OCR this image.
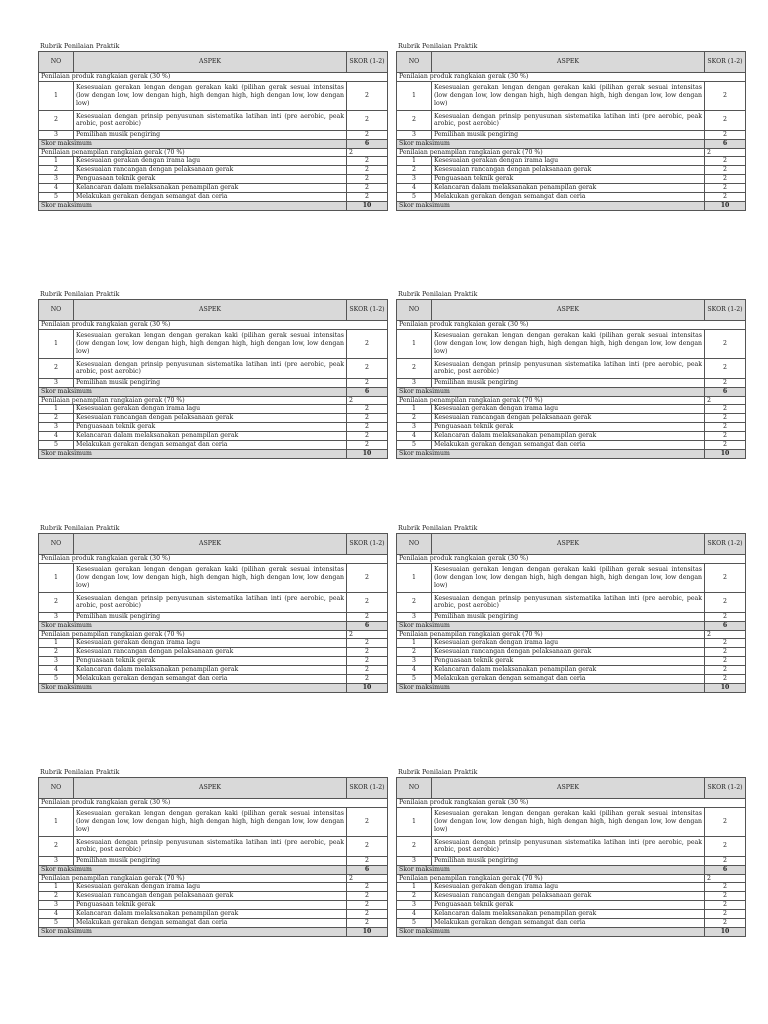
Rubrik Penilaian Praktik
NO	ASPEK	SKOR (1-2)
Penilaian produk rangkaian gerak (30 %)		
1	Kesesuaian gerakan lengan dengan gerakan kaki (pilihan gerak sesuai intensitas (low dengan low, low dengan high, high dengan high, high dengan low, low dengan low)	2
2	Kesesuaian dengan prinsip penyusunan sistematika latihan inti (pre aerobic, peak arobic, post aerobic)	2
3	Pemilihan musik pengiring	2
Skor maksimum		6
Penilaian penampilan rangkaian gerak (70 %)		2
1	Kesesuaian gerakan dengan irama lagu	2
2	Kesesuaian rancangan dengan pelaksanaan gerak	2
3	Penguasaan teknik gerak	2
4	Kelancaran dalam melaksanakan penampilan gerak	2
5	Melakukan gerakan dengan semangat dan ceria	2
Skor maksimum		10
Rubrik Penilaian Praktik
NO	ASPEK	SKOR (1-2)
Penilaian produk rangkaian gerak (30 %)		
1	Kesesuaian gerakan lengan dengan gerakan kaki (pilihan gerak sesuai intensitas (low dengan low, low dengan high, high dengan high, high dengan low, low dengan low)	2
2	Kesesuaian dengan prinsip penyusunan sistematika latihan inti (pre aerobic, peak arobic, post aerobic)	2
3	Pemilihan musik pengiring	2
Skor maksimum		6
Penilaian penampilan rangkaian gerak (70 %)		2
1	Kesesuaian gerakan dengan irama lagu	2
2	Kesesuaian rancangan dengan pelaksanaan gerak	2
3	Penguasaan teknik gerak	2
4	Kelancaran dalam melaksanakan penampilan gerak	2
5	Melakukan gerakan dengan semangat dan ceria	2
Skor maksimum		10
Rubrik Penilaian Praktik
NO	ASPEK	SKOR (1-2)
Penilaian produk rangkaian gerak (30 %)		
1	Kesesuaian gerakan lengan dengan gerakan kaki (pilihan gerak sesuai intensitas (low dengan low, low dengan high, high dengan high, high dengan low, low dengan low)	2
2	Kesesuaian dengan prinsip penyusunan sistematika latihan inti (pre aerobic, peak arobic, post aerobic)	2
3	Pemilihan musik pengiring	2
Skor maksimum		6
Penilaian penampilan rangkaian gerak (70 %)		2
1	Kesesuaian gerakan dengan irama lagu	2
2	Kesesuaian rancangan dengan pelaksanaan gerak	2
3	Penguasaan teknik gerak	2
4	Kelancaran dalam melaksanakan penampilan gerak	2
5	Melakukan gerakan dengan semangat dan ceria	2
Skor maksimum		10
Rubrik Penilaian Praktik
NO	ASPEK	SKOR (1-2)
Penilaian produk rangkaian gerak (30 %)		
1	Kesesuaian gerakan lengan dengan gerakan kaki (pilihan gerak sesuai intensitas (low dengan low, low dengan high, high dengan high, high dengan low, low dengan low)	2
2	Kesesuaian dengan prinsip penyusunan sistematika latihan inti (pre aerobic, peak arobic, post aerobic)	2
3	Pemilihan musik pengiring	2
Skor maksimum		6
Penilaian penampilan rangkaian gerak (70 %)		2
1	Kesesuaian gerakan dengan irama lagu	2
2	Kesesuaian rancangan dengan pelaksanaan gerak	2
3	Penguasaan teknik gerak	2
4	Kelancaran dalam melaksanakan penampilan gerak	2
5	Melakukan gerakan dengan semangat dan ceria	2
Skor maksimum		10
Rubrik Penilaian Praktik
NO	ASPEK	SKOR (1-2)
Penilaian produk rangkaian gerak (30 %)		
1	Kesesuaian gerakan lengan dengan gerakan kaki (pilihan gerak sesuai intensitas (low dengan low, low dengan high, high dengan high, high dengan low, low dengan low)	2
2	Kesesuaian dengan prinsip penyusunan sistematika latihan inti (pre aerobic, peak arobic, post aerobic)	2
3	Pemilihan musik pengiring	2
Skor maksimum		6
Penilaian penampilan rangkaian gerak (70 %)		2
1	Kesesuaian gerakan dengan irama lagu	2
2	Kesesuaian rancangan dengan pelaksanaan gerak	2
3	Penguasaan teknik gerak	2
4	Kelancaran dalam melaksanakan penampilan gerak	2
5	Melakukan gerakan dengan semangat dan ceria	2
Skor maksimum		10
Rubrik Penilaian Praktik
NO	ASPEK	SKOR (1-2)
Penilaian produk rangkaian gerak (30 %)		
1	Kesesuaian gerakan lengan dengan gerakan kaki (pilihan gerak sesuai intensitas (low dengan low, low dengan high, high dengan high, high dengan low, low dengan low)	2
2	Kesesuaian dengan prinsip penyusunan sistematika latihan inti (pre aerobic, peak arobic, post aerobic)	2
3	Pemilihan musik pengiring	2
Skor maksimum		6
Penilaian penampilan rangkaian gerak (70 %)		2
1	Kesesuaian gerakan dengan irama lagu	2
2	Kesesuaian rancangan dengan pelaksanaan gerak	2
3	Penguasaan teknik gerak	2
4	Kelancaran dalam melaksanakan penampilan gerak	2
5	Melakukan gerakan dengan semangat dan ceria	2
Skor maksimum		10
Rubrik Penilaian Praktik
NO	ASPEK	SKOR (1-2)
Penilaian produk rangkaian gerak (30 %)		
1	Kesesuaian gerakan lengan dengan gerakan kaki (pilihan gerak sesuai intensitas (low dengan low, low dengan high, high dengan high, high dengan low, low dengan low)	2
2	Kesesuaian dengan prinsip penyusunan sistematika latihan inti (pre aerobic, peak arobic, post aerobic)	2
3	Pemilihan musik pengiring	2
Skor maksimum		6
Penilaian penampilan rangkaian gerak (70 %)		2
1	Kesesuaian gerakan dengan irama lagu	2
2	Kesesuaian rancangan dengan pelaksanaan gerak	2
3	Penguasaan teknik gerak	2
4	Kelancaran dalam melaksanakan penampilan gerak	2
5	Melakukan gerakan dengan semangat dan ceria	2
Skor maksimum		10
Rubrik Penilaian Praktik
NO	ASPEK	SKOR (1-2)
Penilaian produk rangkaian gerak (30 %)		
1	Kesesuaian gerakan lengan dengan gerakan kaki (pilihan gerak sesuai intensitas (low dengan low, low dengan high, high dengan high, high dengan low, low dengan low)	2
2	Kesesuaian dengan prinsip penyusunan sistematika latihan inti (pre aerobic, peak arobic, post aerobic)	2
3	Pemilihan musik pengiring	2
Skor maksimum		6
Penilaian penampilan rangkaian gerak (70 %)		2
1	Kesesuaian gerakan dengan irama lagu	2
2	Kesesuaian rancangan dengan pelaksanaan gerak	2
3	Penguasaan teknik gerak	2
4	Kelancaran dalam melaksanakan penampilan gerak	2
5	Melakukan gerakan dengan semangat dan ceria	2
Skor maksimum		10
